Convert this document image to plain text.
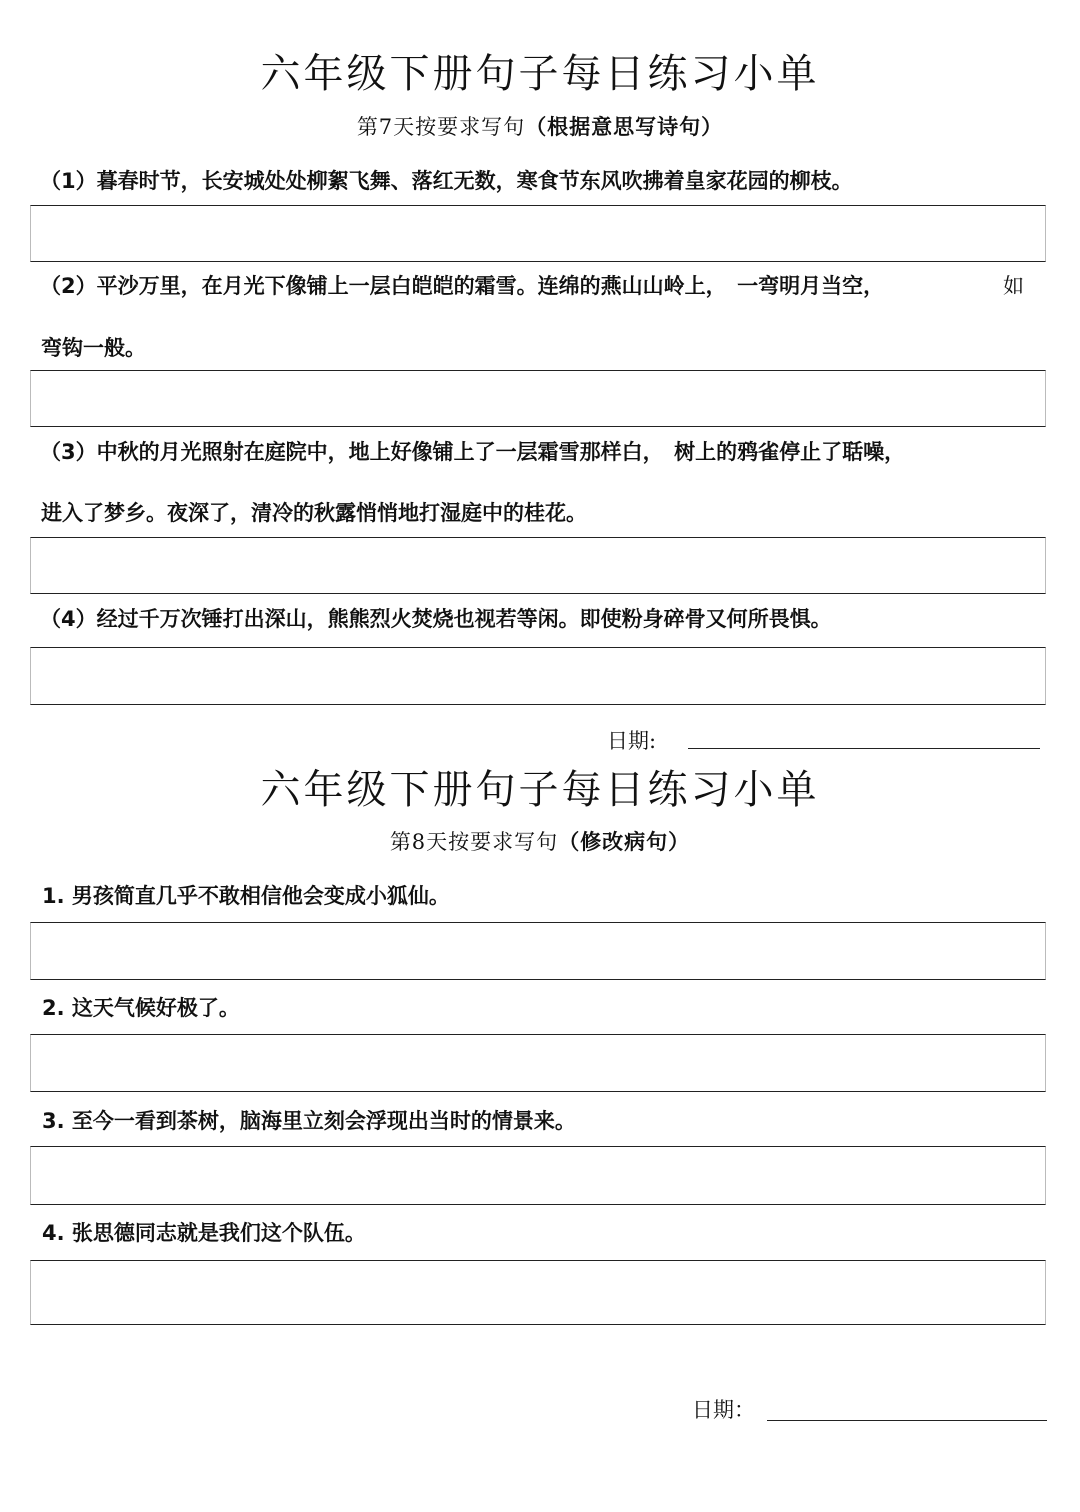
六年级下册句子每日练习小单
第7天按要求写句（根据意思写诗句）
（1）暮春时节，长安城处处柳絮飞舞、落红无数，寒食节东风吹拂着皇家花园的柳枝。
（2）平沙万里，在月光下像铺上一层白皑皑的霜雪。连绵的燕山山岭上，　一弯明月当空，	如
弯钩一般。
（3）中秋的月光照射在庭院中，地上好像铺上了一层霜雪那样白，　树上的鸦雀停止了聒噪，
进入了梦乡。夜深了，清冷的秋露悄悄地打湿庭中的桂花。
（4）经过千万次锤打出深山，熊熊烈火焚烧也视若等闲。即使粉身碎骨又何所畏惧。
日期:
六年级下册句子每日练习小单
第8天按要求写句（修改病句）
1. 男孩简直几乎不敢相信他会变成小狐仙。
2. 这天气候好极了。
3. 至今一看到茶树，脑海里立刻会浮现出当时的情景来。
4. 张思德同志就是我们这个队伍。
日期：
